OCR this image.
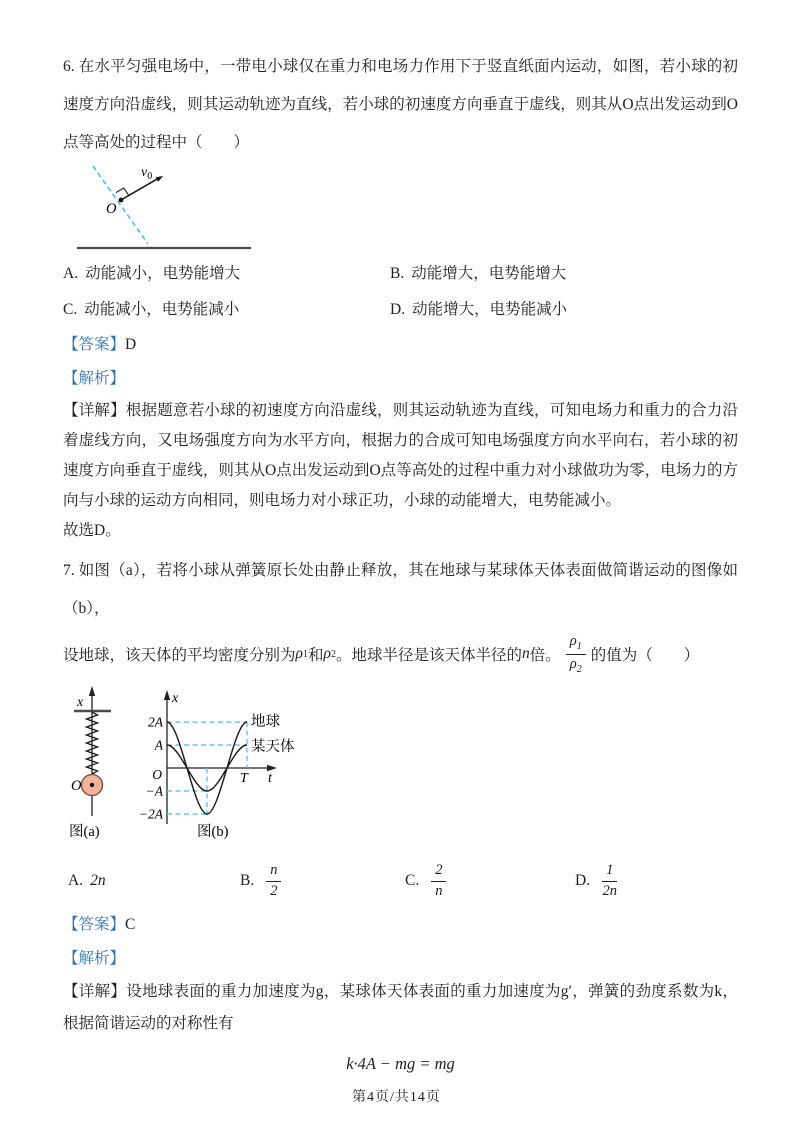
6. 在水平匀强电场中，一带电小球仅在重力和电场力作用下于竖直纸面内运动，如图，若小球的初速度方向沿虚线，则其运动轨迹为直线，若小球的初速度方向垂直于虚线，则其从O点出发运动到O点等高处的过程中（　　）

$v_0$
O
A. 动能减小，电势能增大	B. 动能增大，电势能增大
C. 动能减小，电势能减小	D. 动能增大，电势能减小

【答案】D

【解析】

【详解】根据题意若小球的初速度方向沿虚线，则其运动轨迹为直线，可知电场力和重力的合力沿着虚线方向，又电场强度方向为水平方向，根据力的合成可知电场强度方向水平向右，若小球的初速度方向垂直于虚线，则其从O点出发运动到O点等高处的过程中重力对小球做功为零，电场力的方向与小球的运动方向相同，则电场力对小球正功，小球的动能增大，电势能减小。

故选D。

7. 如图（a），若将小球从弹簧原长处由静止释放，其在地球与某球体天体表面做简谐运动的图像如（b），

设地球，该天体的平均密度分别为 ρ 1 和 ρ 2 。地球半径是该天体半径的 n 倍。 $\frac{\rho_1}{\rho_2}$ 的值为（　　）
x
O
图(a)
x
t
T
2A
A
O
−A
−2A
地球
某天体
图(b)
A. 2n	B. $\frac{n}{2}$	C. $\frac{2}{n}$	D. $\frac{1}{2n}$

【答案】C

【解析】

【详解】设地球表面的重力加速度为g，某球体天体表面的重力加速度为g′，弹簧的劲度系数为k，根据简谐运动的对称性有

k·4A − mg = mg
第4页/共14页
